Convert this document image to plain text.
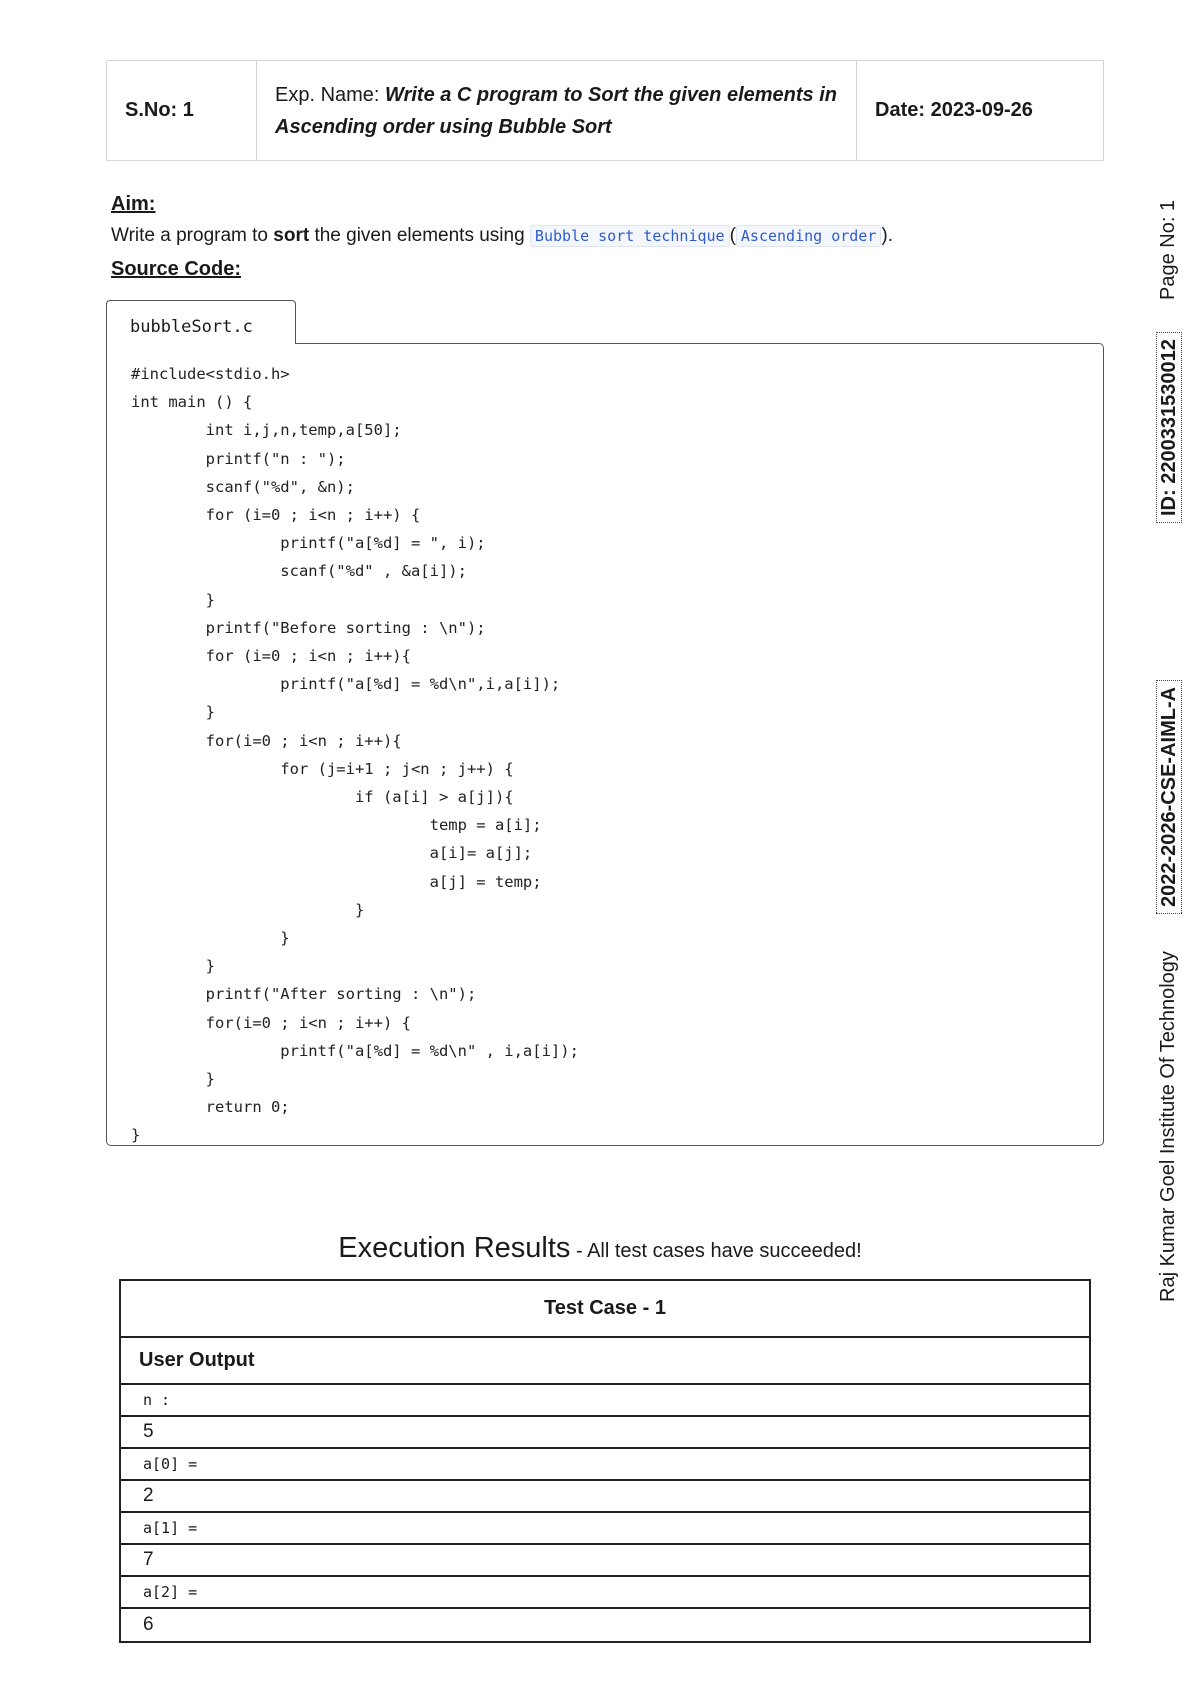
S.No: 1
Exp. Name: Write a C program to Sort the given elements in Ascending order using Bubble Sort
Date: 2023-09-26
Aim:
Write a program to sort the given elements using Bubble sort technique ( Ascending order ).
Source Code:
bubbleSort.c
#include<stdio.h>
int main () {
int i,j,n,temp,a[50];
printf("n : ");
scanf("%d", &n);
for (i=0 ; i<n ; i++) {
printf("a[%d] = ", i);
scanf("%d" , &a[i]);
}
printf("Before sorting : \n");
for (i=0 ; i<n ; i++){
printf("a[%d] = %d\n",i,a[i]);
}
for(i=0 ; i<n ; i++){
for (j=i+1 ; j<n ; j++) {
if (a[i] > a[j]){
temp = a[i];
a[i]= a[j];
a[j] = temp;
}
}
}
printf("After sorting : \n");
for(i=0 ; i<n ; i++) {
printf("a[%d] = %d\n" , i,a[i]);
}
return 0;
}
Execution Results - All test cases have succeeded!
Test Case - 1
User Output
n :
5
a[0] =
2
a[1] =
7
a[2] =
6
Page No: 1
ID: 2200331530012
2022-2026-CSE-AIML-A
Raj Kumar Goel Institute Of Technology
